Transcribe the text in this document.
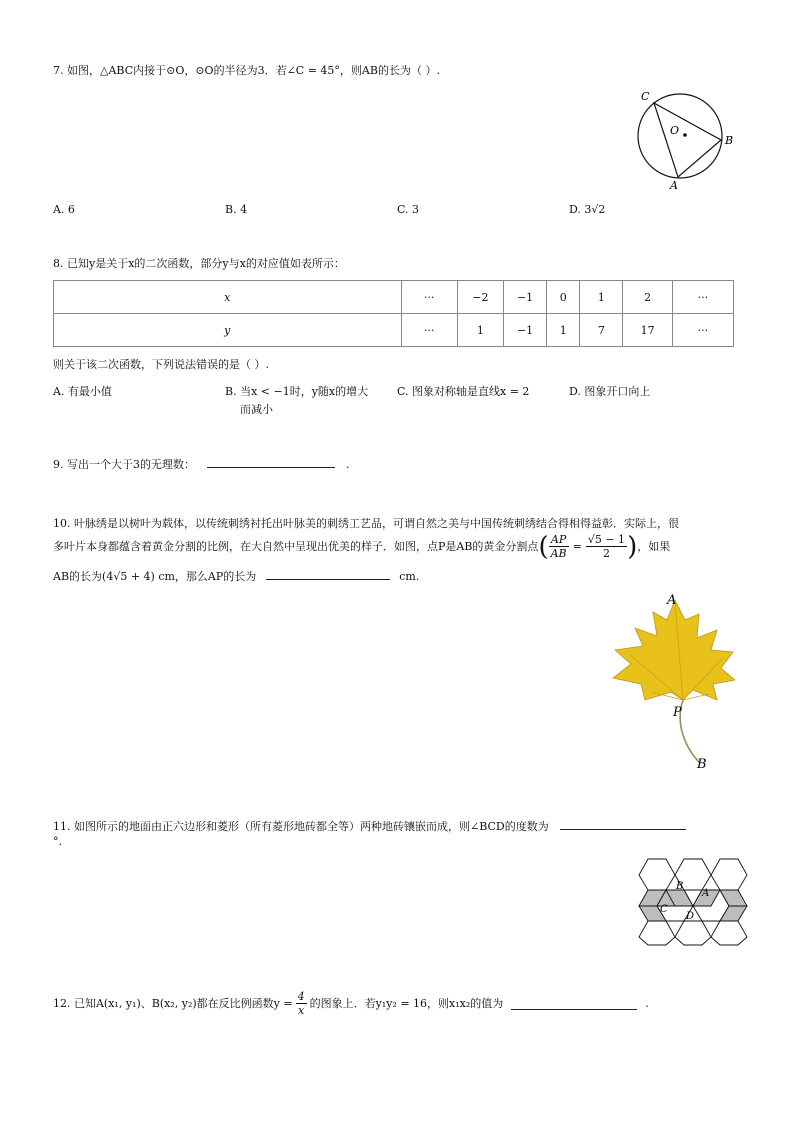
7. 如图，△ABC内接于⊙O，⊙O的半径为3．若∠C = 45°，则AB的长为（ ）.
C
O
B
A
A. 6	B. 4	C. 3	D. 3√2
8. 已知y是关于x的二次函数，部分y与x的对应值如表所示：
x	···	−2	−1	0	1	2	···
y	···	1	−1	1	7	17	···
则关于该二次函数，下列说法错误的是（ ）.
A. 有最小值	B. 当x < −1时，y随x的增大
而减小
C. 图象对称轴是直线x = 2	D. 图象开口向上
9. 写出一个大于3的无理数：	.
10. 叶脉绣是以树叶为载体，以传统刺绣衬托出叶脉美的刺绣工艺品，可谓自然之美与中国传统刺绣结合得相得益彰．实际上，很
多叶片本身都蕴含着黄金分割的比例，在大自然中呈现出优美的样子．如图，点P是AB的黄金分割点 ( $\frac{AP}{AB} = \frac{√5 - 1}{2}$ ) ，如果
AB的长为(4√5 + 4) cm，那么AP的长为	cm.
A
P
B
11. 如图所示的地面由正六边形和菱形（所有菱形地砖都全等）两种地砖镶嵌而成，则∠BCD的度数为
°.
B
A
C
D
12. 已知A(x₁, y₁)、B(x₂, y₂)都在反比例函数$y = \frac{4}{x}$ 的图象上．若y₁y₂ = 16，则x₁x₂的值为	.
